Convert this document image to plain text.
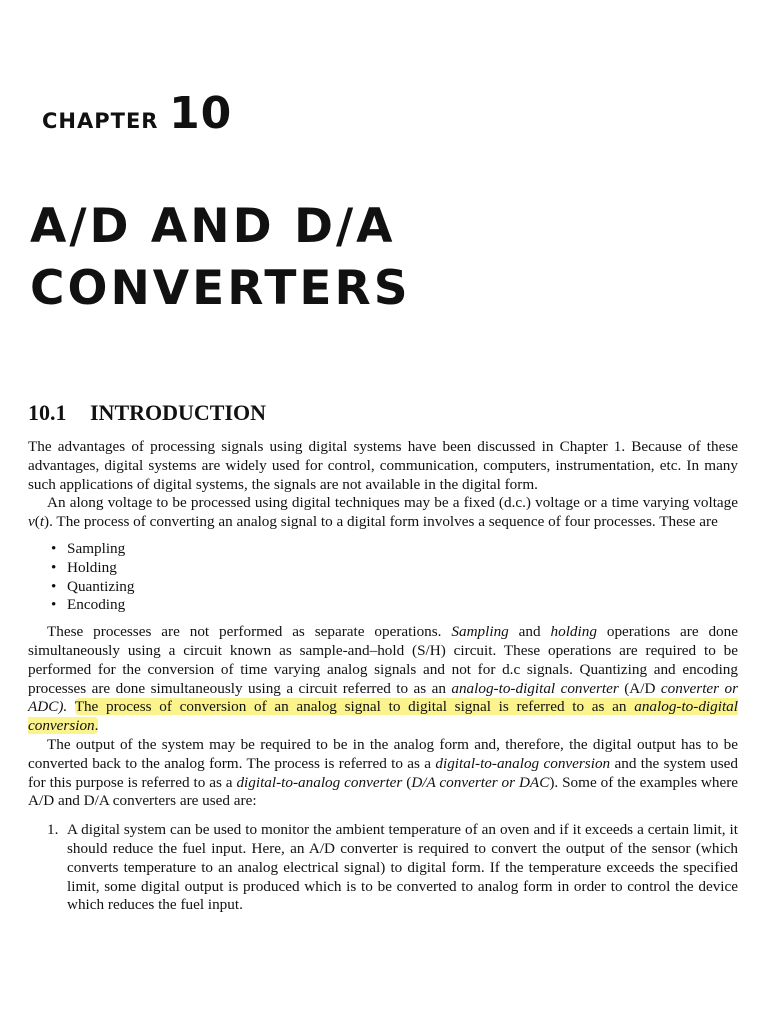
CHAPTER 10
A/D AND D/A
CONVERTERS
10.1 INTRODUCTION

The advantages of processing signals using digital systems have been discussed in Chapter 1. Because of these advantages, digital systems are widely used for control, communication, computers, instrumentation, etc. In many such applications of digital systems, the signals are not available in the digital form.

An along voltage to be processed using digital techniques may be a fixed (d.c.) voltage or a time varying voltage v(t). The process of converting an analog signal to a digital form involves a sequence of four processes. These are

• Sampling
• Holding
• Quantizing
• Encoding

These processes are not performed as separate operations. Sampling and holding operations are done simultaneously using a circuit known as sample-and–hold (S/H) circuit. These operations are required to be performed for the conversion of time varying analog signals and not for d.c signals. Quantizing and encoding processes are done simultaneously using a circuit referred to as an analog-to-digital converter (A/D converter or ADC). The process of conversion of an analog signal to digital signal is referred to as an analog-to-digital conversion.

The output of the system may be required to be in the analog form and, therefore, the digital output has to be converted back to the analog form. The process is referred to as a digital-to-analog conversion and the system used for this purpose is referred to as a digital-to-analog converter (D/A converter or DAC). Some of the examples where A/D and D/A converters are used are:

1. A digital system can be used to monitor the ambient temperature of an oven and if it exceeds a certain limit, it should reduce the fuel input. Here, an A/D converter is required to convert the output of the sensor (which converts temperature to an analog electrical signal) to digital form. If the temperature exceeds the specified limit, some digital output is produced which is to be converted to analog form in order to control the device which reduces the fuel input.
